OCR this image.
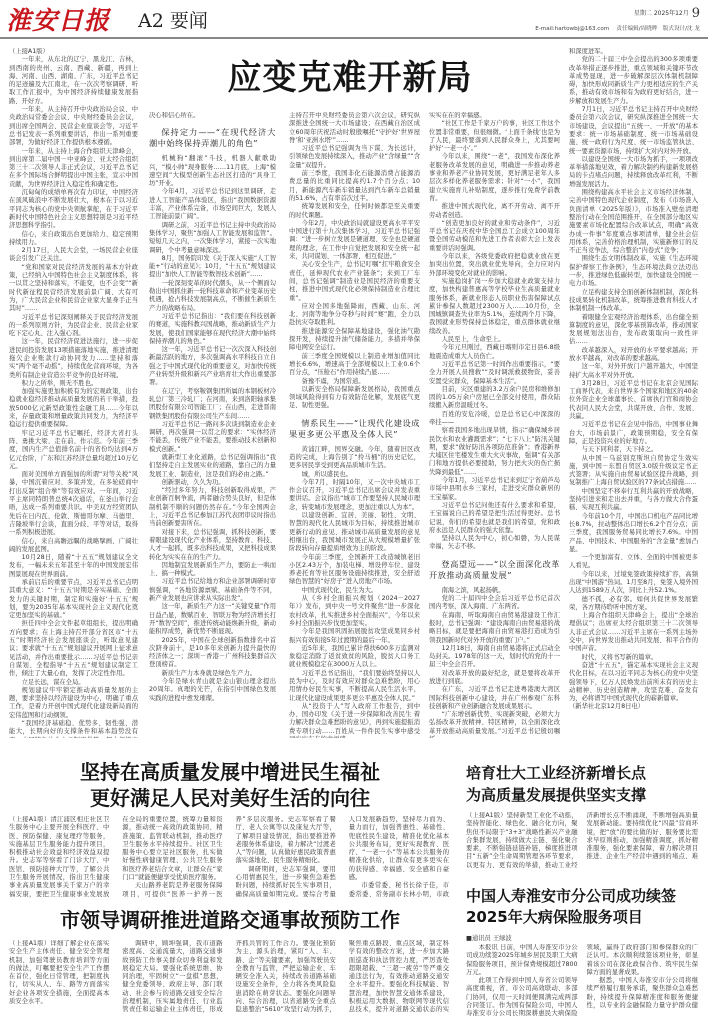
淮安日报	A2 要闻	星期二 2025年12月 9
E-mail:hartowbj@163.com 责任编辑/周晓晔 版式设计/沈 龙
应变克难开新局

（上接A1版）

一年来，从东北的辽宁、黑龙江、吉林，到西南的贵州、云南、西藏、新疆，再到上海、河南、山西、湖南、广东，习近平总书记的足迹遍及大江南北，在一次次考察调研、听取工作汇报中，为中国经济持续健康发展指路、开好方。

一年来，从主持召开中央政治局会议、中央政治局常委会会议、中央财经委员会会议，到出席全国两会、民营企业座谈会等，习近平总书记发表一系列重要讲话，作出一系列重要部署，为做好经济工作提供根本遵循。

一年来，从主持上海合作组织天津峰会，到出席第二届中国－中亚峰会、亚太经合组织第三十二次领导人非正式会议，习近平总书记在多个国际场合鲜明提出中国主张，宣示中国贡献，为世界经济注入稳定性和确定性。

沉甸甸的成绩单再次有力印证，中国经济在顶风破浪中不断发展壮大，根本在于以习近平同志为核心的党中央领航掌舵，在于习近平新时代中国特色社会主义思想特别是习近平经济思想科学指引。

信心，来自政策出台更加给力、稳定预期持续用力。

2月17日，人民大会堂，一场民营企业座谈会引发广泛关注。

“党和国家对民营经济发展的基本方针政策，已经纳入中国特色社会主义制度体系，将一以贯之坚持和落实，不能变，也不会变”“新时代新征程民营经济发展前景广阔、大有可为，广大民营企业和民营企业家大显身手正当其时”……

习近平总书记深刻阐释关于民营经济发展的一系列原则方针，为民营企业、民营企业家吃下定心丸、注入强心剂。

这一年，民营经济促进法施行，进一步促进民间投资发展13项措施落地实施，推进清理拖欠企业账款行动协同发力……坚持和落实“两个毫不动摇”，持续优化营商环境，为各类所有制企业营造公平竞争的良好环境。

积力之所举，则无不胜也。

加强实施更加积极有为的宏观政策，出台稳就业稳经济推动高质量发展的若干举措，投放5000亿元新型政策性金融工具……今年以来，存量政策和增量政策共同发力，为经济平稳运行提供重要保障。

牢记习近平总书记嘱托，经济大省打头阵、勇挑大梁、走在前、作示范。今年前三季度，国内生产总值排名前十的省份均达到4万亿元台阶，广东和江苏经济总量均超过10万亿元。

面对美国单方面强加的所谓“对等关税”风暴，中国沉着应对、多策并发，在多轮磋商中打出反制“组合拳”等有效应对。一年间，习近平主席同特朗普总统4次通话，在釜山举行会晤，达成一系列重要共识。中美双方经贸团队先后在日内瓦、伦敦、斯德哥尔摩、马德里、吉隆坡举行会谈，直面分歧、平等对话，取得一系列积极进展。

信心，来自高瞻远瞩的战略擘画、广阔壮阔的发展蓝图。

10月28日，随着“十五五”规划建议全文发布，一幅未来五年甚至十年的中国发展宏伟图景展现在世界面前。

承前启后的重要节点，习近平总书记点明其重大意义：“‘十五五’时期是夯实基础、全面发力的关键时期，制定和实施好‘十五五’规划，要为2035年基本实现社会主义现代化奠定更加坚实的基础。”

担任四中全会文件起草组组长，提出明确方向要求；在上海主持召开部分省区市“十五五”时期经济社会发展座谈会，听取意见建议；要求就“十五五”规划建议开展网上征求意见活动，并作出重要批示……习近平总书记亲自谋划、全程指导“十五五”规划建议制定工作，倾注了大量心血，发挥了决定性作用。

立足长远，谋在全局。

规划建议牢牢锁定推动高质量发展的主题，要求坚持以经济建设为中心，明确了重点工作，是着力开创中国式现代化建设新局面的宏伟蓝图和行动纲领。

“我国经济基础稳、优势多、韧性强、潜能大，长期向好的支撑条件和基本趋势没有

决心和信心所在。

保持定力——“在现代经济大潮中始终保持弄潮儿的角色”

机械狗“翻滚”斗技，机器人献歌助兴，“模小帅”现身服务……11月底，上海“模速空间”大模型创新生态社区打造的“具身工坊”开业。

今年4月，习近平总书记到这里调研，走进人工智能产品体验区，指出“我国数据资源丰富，产业体系完备，市场空间巨大，发展人工智能前景广阔”。

调研之前，习近平总书记主持中央政治局集体学习，聚焦“加强人工智能发展和监管”。短短几天之内，一次集体学习，紧接一次实地调研，个中考量意味深远。

8月，国务院印发《关于深入实施“人工智能+”行动的意见》；10月，“十五五”规划建议提出“加快人工智能等数智技术创新”……

一轮深刻变革的时代潮头，从一个侧面勾勒出中国抓住新一轮科技革命和产业变革历史机遇，抢占科技发展制高点，不断催生新质生产力的战略布局。

习近平总书记指出：“我们要在科技创新的赛道，实施科教兴国战略，推动新质生产力发展，使我们国家能够在现代经济大潮中始终保持弄潮儿的角色。”

这一年，习近平总书记一次次深入科技创新最活跃的地方，多次强调高水平科技自立自强之于中国式现代化的重要意义，对加快传统产业转型升级和新兴产业培育壮大作出重要部署。

在辽宁，考察鞍钢集团所属的本钢板材冷轧总厂第三冷轧厂；在河南，来到洛阳轴承集团股份有限公司智能工厂；在山西，走进晋南钢铁集团股份有限公司生产车间……

习近平总书记一路问多次谈到制造业企业调研，再次强调一以贯之的要求：“实体经济不能丢，传统产业不能丢，要推动技术创新和模式创新。”

就新型工业化道路，总书记强调指出“我们坚持走自主发展实业的道路，靠自己的力量发展工业、制造业，这是我们的必由之路。”

创新驱动，久久为功。

“经过多年努力，科技创新取得成果，产业创新百舸争流，两者融合势头良好，但是体制机制不顺的问题仍然存在。”今年全国两会上，习近平总书记参加江苏代表团审议时指出当前创新要害所在。

对接下来，总书记强调，抓科技创新，要着眼建设现代化产业体系，坚持教育、科技、人才一起抓，既多出科技成果，又把科技成果转化为实实在在的生产力。

因地制宜发展新质生产力，要防止一哄而上、搞一种模式。

习近平总书记给地方和企业部署调研时审慎强调，“各地资源禀赋、基础条件等不同，新产业发展也应讲求从实际出发”。

这一年，新质生产力这一“关键变量”作用日益凸显，数赋百业、智联万物为经济增长打开“数智空间”，推进传统动能焕新升级，新动能积厚成势，新优势不断显现。

2025年，中国在全球创新指数排名中首次跻身前十，是10多年来创新力提升最快的经济体之一；深圳－香港－广州科技集群首次登顶榜首。

新质生产力本身就是绿色生产力。

今年是绿水青山就是金山银山理念提出20周年。真理的光芒，在指引中国绿色发展实践的进程中愈发璀璨。

主持召开中央财经委员会第六次会议，研究纵深推进全国统一大市场建设；在西藏自治区成立60周年庆祝活动时殷殷嘱托“守护好‘世界屋脊’和‘亚洲水塔’”……

习近平总书记强调为当下谋、为长远计，引领绿色发展持续深入，推动产业“含绿量”“含金量”双提升。

前三季度，我国非化石能源消费占能源消费总量的比重同比提高约1.7个百分点；10月，新能源汽车新车销量达到汽车新车总销量的51.6%，占有率首次过半。

统筹发展和安全，任何时候都是至关重要的时代课题。

今年2月，中央政治局就建设更高水平平安中国进行第十九次集体学习，习近平总书记强调：“进一步树立发展是硬道理、安全也是硬道理的理念，在工作中自觉把发展和安全统一起来，共同谋划、一体部署、相互促进。”

关心安全生产，总书记叮嘱“扛牢粮食安全责任，延伸现代农业产业链条”；来到工厂车间，总书记强调“制造业是国民经济的重要支柱，推进中国式现代化必须保持制造业合理比重”。

应对全国多地强降雨，西藏、山东、河北、河南等地争分夺秒与时间“赛”跑，全力以赴抗灾夺取胜利。

推进能源安全保障基地建设，强化油气勘探开发，持续提升油气储备能力，多措并举保障电网安全运行。

前三季度全国规模以上制造业增加值同比增长6.6%，增速高于全部规模以上工业0.6个百分点，“压舱石”作用持续凸显……

备豫不虞，为国常道。

以新安全格局保障新发展格局，我国重点领域风险得到有力有效防范化解，发展底气更足、韧性更强。

情系民生——“让现代化建设成果更多更公平惠及全体人民”

黄浦江畔，国界交融。今年，随着旧区改造的完成，上海告别了“拎马桶”的历史记忆，更多居民享受到更高品质城市生活。

城，所以盛民也。

今年7月，时隔10年，又一次中央城市工作会议召开，习近平总书记出席会议并发表重要讲话。会议指出“城市工作要坚持人民城市理念，转变城市发展理念，更加注重以人为本”。

以建设创新、宜居、美丽、韧性、文明、智慧的现代化人民城市为目标，持续推进城市更新行动的意见、推动城市高质量发展的意见相继出台，我国城市发展正从大规模增量扩张阶段转向存量提质增效为主的阶段。

今年前三季度，全国新开工改造城镇老旧小区2.43万个，加装电梯、增设停车位、建设养老托育等社区服务设施持续推进，安全舒适绿色智慧的“好房子”进入房地产市场。

中国式现代化，民生为大。

从《乡村全面振兴规划（2024－2027年）》发布，到中央一号文件聚焦“进一步深化农村改革，扎实推进乡村全面振兴”，今年以来乡村全面振兴步伐更加坚实。

今年是我国巩固拓展脱贫攻坚成果同乡村振兴有效衔接5年过渡期的最后一年。

近5年来，我国已累计帮扶600多万监测对象稳定消除了返贫致贫的风险，脱贫人口务工就业规模稳定在3000万人以上。

习近平总书记指出，“我们要始终坚持以人民为中心，及时有效应对群众急难愁盼，用心用情办好民生实事，不断提高人民生活水平，让现代化建设成果更多更公平惠及全体人民。”

从“投资于人”写入政府工作报告，到中办、国办印发《关于进一步保障和改善民生 着力解决群众急难愁盼的意见》，再到实施提振消费专项行动……百姓从一件件民生实事中感受

实实在在的幸福感。

“社区工作是千家万户的事，社区工作这个位置非常重要，但很细微。‘上面千条线’也是为了人民，最终要落到人民群众身上，尤其要呵护好‘一老一小’。”

今年以来，围绕“一老”，我国发布深化养老服务改革发展的意见，明确进一步推动养老事业和养老产业协同发展，更好满足老年人多层次多样化养老服务需求；针对“一小”，我国建立实施育儿补贴制度，逐步推行免费学前教育。

推进中国式现代化，离不开劳动、离不开劳动者创造。

“创造更加良好的就业和劳动条件”，习近平总书记在庆祝中华全国总工会成立100周年暨全国劳动模范和先进工作者表彰大会上发表重要讲话时强调。

今年以来，各级党委政府把稳就业放在更加突出位置，突出就业优先导向，全力应对内外部环境变化对就业的影响。

实施稳岗扩岗一步加大稳就业政策支持力度，加快构建普惠高等学校毕业生高质量就业服务体系，新就业形态人员职业伤害保障试点累计参保人数超过2300万人……10月份，全国城镇调查失业率为5.1%，连续两个月下降，我国就业形势保持总体稳定，重点群体就业继续改善。

人民至上，生命至上。

今年元旦刚过，西藏日喀则市定日县6.8级地震造成重大人员伤亡。

习近平总书记第一时间作出重要指示，“要全力开展人员搜救”“及时调派救援物资，妥善安置受灾群众，保障基本生活”。

目前，灾区重建的3.2万余户民房和维修加固的1.05万余户房屋已全部交付使用，群众陆续搬入新房温暖过冬。

百姓的安危冷暖，总是总书记心中深深的牵挂——

察看我国多地出现旱情，指示“确保城乡居民饮水和农业灌溉需求”；“七下八上”防汛关键期，要求“做好防汛各项防范准备”；香港新界大埔区住宅楼发生重大火灾事故，强调“有关部门和地方提供必要援助，努力把火灾的伤亡损失降到最低”……

今年1月，习近平总书记来到辽宁省葫芦岛市绥中县明水乡三家村，走进受灾群众新居的王宝福家。

习近平总书记问他还有什么要求和希望，王宝福说自己的希望是把生活过得更好。总书记说，你们的希望也就是我们的希望，党和政府永远是人民群众的强大依靠。

坚持以人民为中心，初心如磐，为人民谋幸福，矢志不移。

登高望远——“以全面深化改革开放推动高质量发展”

南海之滨，风起扬帆。

党的二十届四中全会后习近平总书记首次国内考察，深入海南、广东两省。

在海南，听取海南自由贸易港建设工作汇报时，总书记强调：“建设海南自由贸易港的战略目标，就是要把海南自由贸易港打造成为引领我国新时代对外开放的重要门户。”

12月18日，海南自由贸易港将正式启动全岛封关。1978年的这一天，划时代的党的十一届三中全会召开。

对改革开放的最好纪念，就是要将改革开放进行到底。

在广东，习近平总书记走进粤港澳大湾区国际科技创新中心建设，并在广州参观广东科技创新和产业创新融合发展成果展示。

“广东增创新优势、实现新突破，必须大力弘扬改革开放精神、特区精神，以全面深化改革开放推动高质量发展。”习近平总书记殷切嘱

和深度进军。

党的二十届三中全会提出的300多项重要改革举措正逐步推进，重点领域和关键环节改革成势显现，进一步破解深层次体制机制障碍，加快形成同新质生产力更相适应的生产关系，推动有效市场和有为政府更好结合，进一步解放和发展生产力。

7月1日，习近平总书记主持召开中央财经委员会第六次会议，研究纵深推进全国统一大市场建设，会议提出“五统一、一开放”的基本要求：统一市场基础制度、统一市场基础设施、统一政府行为尺度、统一市场监管执法、统一要素资源市场，持续扩大对内对外开放。

以建设全国统一大市场为抓手，一项项改革举措落地见效，着力解决制约构建新发展格局的卡点堵点问题，持续释放改革红利，不断增强发展活力。

围绕构建高水平社会主义市场经济体制，完善中国特色现代企业制度，发布《市场准入负面清单（2025年版）》，市场准入壁垒清理整治行动在全国范围推开，在全国部分地区实施要素市场化配置综合改革试点，明确“高效办成一件事”年度重点事项清单，健全社会信用体系，完善价格治理机制，实施新修订的反不正当竞争法，综合整治“内卷式”竞争；

围绕生态文明体制改革，实施《生态环境保护督察工作条例》，生态环境法典立法迈出一步，推进绿色低碳转型，加快建设全国统一电力市场。

立足构建支持全面创新体制机制，深化科技成果转化机制改革，统筹推进教育科技人才体制机制一体改革。

着眼健全宏观经济治理体系，出台健全预算制度的意见，深化零基预算改革，推动国家发展规划法出台，发布政策取向一致性评估……

改革越深入，对开放的水平要求越高；开放水平越高，对改革的要求越高。

这一年，对外开放门户越开越大，中国坚持扩大高水平对外开放。

3月28日，习近平总书记在北京会见国际工商界代表，来自世界多个国家和地区的40余位外资企业全球董事长、首席执行官和商协会代表同人民大会堂，共谋开放、合作、发展、共赢。

习近平总书记在会见中指出，中国事业舞台大，市场前景广，政策预期稳，安全有保障，正是投资兴业的好地方。

与天下同利者，天下持之。

从中国－乌兹别克斯坦自贸协定生效实施，到中国－东盟自贸区3.0版升级议定书正式签署；从实施自由贸易试验区提升战略，到复制推广上海自贸试验区的77条试点措施……

中国坚定不移奉行互利共赢的开放战略，坚持引进来和走出去并重，与各方做大合作蛋糕、实现互利共赢。

今年前10个月，中国出口机电产品同比增长8.7%，拉动整体出口增长6.2个百分点；前三季度，我国服务贸易同比增长7.6%。中国产品、中国技术、中国服务的“含金量”愈加凸显。

一个更加富有、立体、全面的中国被更多人看见。

今年以来，过境免签政策持续扩容，高频出现“中国游”热词。1月至8月，免签入境外国人达到1589万人次，同比上升52.1%。

德不孤，必有邻。如何共促世界发展繁荣，各方期待聆听中国方案。

上海合作组织天津峰会上，提出“全球治理倡议”；出席亚太经合组织第三十二次领导人非正式会议……习近平主席在一系列主场外交中，向世界发出推动共同发展、和平合作的中国声音。

时代，又将书写新的篇章。

奋进“十五五”，锚定基本实现社会主义现代化目标，在以习近平同志为核心的党中央坚强领导下，亿万人民焕发出前所未有的历史主动精神、历史创造精神，攻坚克难、奋发有为，必将谱写中国式现代化的崭新篇章。

（新华社北京12月8日电）

坚持在高质量发展中增进民生福祉
更好满足人民对美好生活的向往

（上接A1版）清江浦区相庄社区卫生服务中心主要开展全科医疗、中医、预防保健、康复理疗等服务，实施基层卫生服务能力提升项目，积极推动社会效益和经济效益双提升。史志军等察看了门诊大厅、中医馆、预防接种大厅等，了解公共卫生服务开展情况，指出卫生健康事业高质量发展事关千家万户的幸福安康，要把卫生健康事业发展放在全局的重要位置，统筹力量和资源，推动统一高效的政策协同、精准施策、监管联动机制，推动医疗卫生服务水平持续提升。社区卫生服务中心要立足社区服务，扎实做好慢性病健康管理、公共卫生服务和医疗养老结合文章，让群众在“家门口”就能便捷享受优质医疗服务。

天山路养老院是养老服务保障项目，可提供“医养一护养一医养”多层次服务。史志军察看了餐厅、老人公寓等以及康复大厅等，了解项目建设情况，指出要推进养老服务体系建设，着力解决“过渡老人”等问题，认真做好惠民政策普惠落实落地化、民生服务精细化。

调研期间，史志军强调，要用心用情惠民生，进一步聚焦急难愁盼问题，持续抓好民生实事项目，确保高质量如期完成。要综合考量人口发展新趋势，坚持尽力而为、量力而行，加强普惠性、基础性、兜底性民生建设，精准化优化基本公共服务布局，更好实现教育、医疗、“一老一小”等基本公共服务的精准化供给，让群众有更多更实在的获得感、幸福感、安全感和自豪感。

市委常委、秘书长徐子佳，市委常委、常务副市长林小明，市政

市领导调研推进道路交通事故预防工作

（上接A1版）详细了解企业在落实安全生产主体责任、健全安全管理机制、加强驾驶员教育培训等方面的做法，叮嘱要把安全生产工作摆在首位，强化日常管理，把制度执行，切实从人、车、路等方面落实好企业各项安全措施，全面提高本质安全水平。

调研中，顾坤强调，我市道路密度高、交通流量大，道路交通事故预防工作事关群众切身利益和发展稳定大局。要强化系统思维、协同治理，牢固树立“一盘棋”思想，健全党委领导、政府主导、部门联动、社会参与的道路交通安全综合治理机制，压实属地责任、行业监管责任和运输企业主体责任，形成齐抓共管的工作合力。要强化预防为主、源头治理，紧盯“人、车、路、企”等关键要素，加强驾驶员安全教育与监管，严把运输企业、车辆安全准入关，持续改善道路基础设施安全条件，全力将各类风险隐患消除在萌芽状态。要强化问题导向、综合治理，以省道路安全重点隐患整治“5610”攻坚行动为抓手，聚焦重点路段、重点区域，制定科学有效的整改方案，进一步加大路面巡查和执法管控力度，严厉查处超限超载、“三超一疲劳”等严重交通违法行为，有效推动道路交通安全水平提升。要强化科技赋能、智慧治理，加快智慧交通体系建设，积极运用大数据、物联网等现代信息技术，提升对道路交通状态的实

培育壮大工业经济新增长点
为高质量发展提供坚实支撑

（上接A1版）坚持新型工业化不动摇，坚持智能化、绿色化、融合化方向，聚焦但不局限于“3+3”战略性新兴产业融合集群发展，持续做大主链、强化聚合要素，不断强链延链补链，梯度推进项目“五新”全生命周期管理各环节要求，以更有力、更有效的举措，推动工业经济新增长点不断涌现，不断增强高质量发展新动能。要持续优化“四最”营商环境，把“放”的要比做的好、服务要比需求早原则推动，加强精准调度，抓好精准服务，强化要素保障，着力解决项目推进、企业生产经营中遇到的堵点、难

中国人寿淮安市分公司成功续签
2025年大病保险服务项目
■通讯员 王绿波

本报讯 日前，中国人寿淮安市分公司成功续签2025年城乡居民及职工大病保险服务项目，预计保费规模超过7800万元。

此项工作得到中国人寿省公司领导高度重视，省、市公司高效联动、多部门协同，仅用一天时间便圆满完成两部合同签订。作为国有保险公司，中国人寿淮安市分公司长期深耕惠民大病保险领域，赢得了政府部门和参保群众的广泛认可。本次顺利续签该项业务，彰显着该公司在深化政保合作、筑牢民生保障方面的显著成果。

据悉，中国人寿淮安市分公司将继续严格履行服务承诺，聚焦群众急难愁盼，持续提升保障精准度和服务便捷性，以专业的金融保险力量守护群众健
